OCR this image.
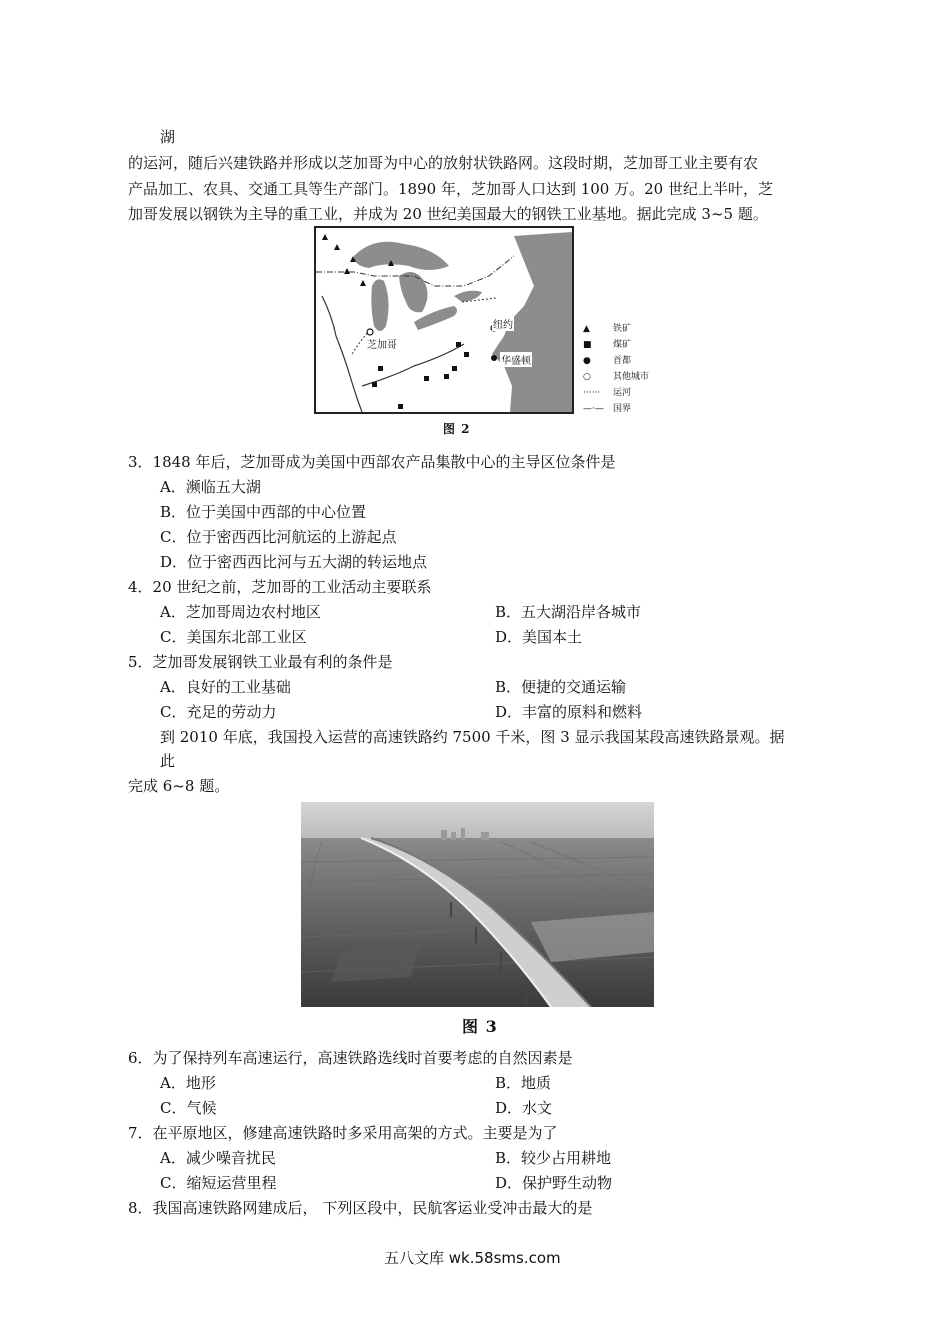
湖
的运河，随后兴建铁路并形成以芝加哥为中心的放射状铁路网。这段时期，芝加哥工业主要有农
产品加工、农具、交通工具等生产部门。1890 年，芝加哥人口达到 100 万。20 世纪上半叶，芝
加哥发展以钢铁为主导的重工业，并成为 20 世纪美国最大的钢铁工业基地。据此完成 3~5 题。
芝加哥
纽约
华盛顿
▲	铁矿
■ 煤矿
● 首都
○ 其他城市
······ 运河
—·— 国界
图 2
3．1848 年后，芝加哥成为美国中西部农产品集散中心的主导区位条件是
A．濒临五大湖
B．位于美国中西部的中心位置
C．位于密西西比河航运的上游起点
D．位于密西西比河与五大湖的转运地点
4．20 世纪之前，芝加哥的工业活动主要联系
A．芝加哥周边农村地区	B．五大湖沿岸各城市
C．美国东北部工业区	D．美国本土
5．芝加哥发展钢铁工业最有利的条件是
A．良好的工业基础	B．便捷的交通运输
C．充足的劳动力	D．丰富的原料和燃料
到 2010 年底，我国投入运营的高速铁路约 7500 千米，图 3 显示我国某段高速铁路景观。据
此
完成 6~8 题。
图 3
6．为了保持列车高速运行，高速铁路选线时首要考虑的自然因素是
A．地形	B．地质
C．气候	D．水文
7．在平原地区，修建高速铁路时多采用高架的方式。主要是为了
A．减少噪音扰民	B．较少占用耕地
C．缩短运营里程	D．保护野生动物
8．我国高速铁路网建成后， 下列区段中，民航客运业受冲击最大的是
五八文库 wk.58sms.com
